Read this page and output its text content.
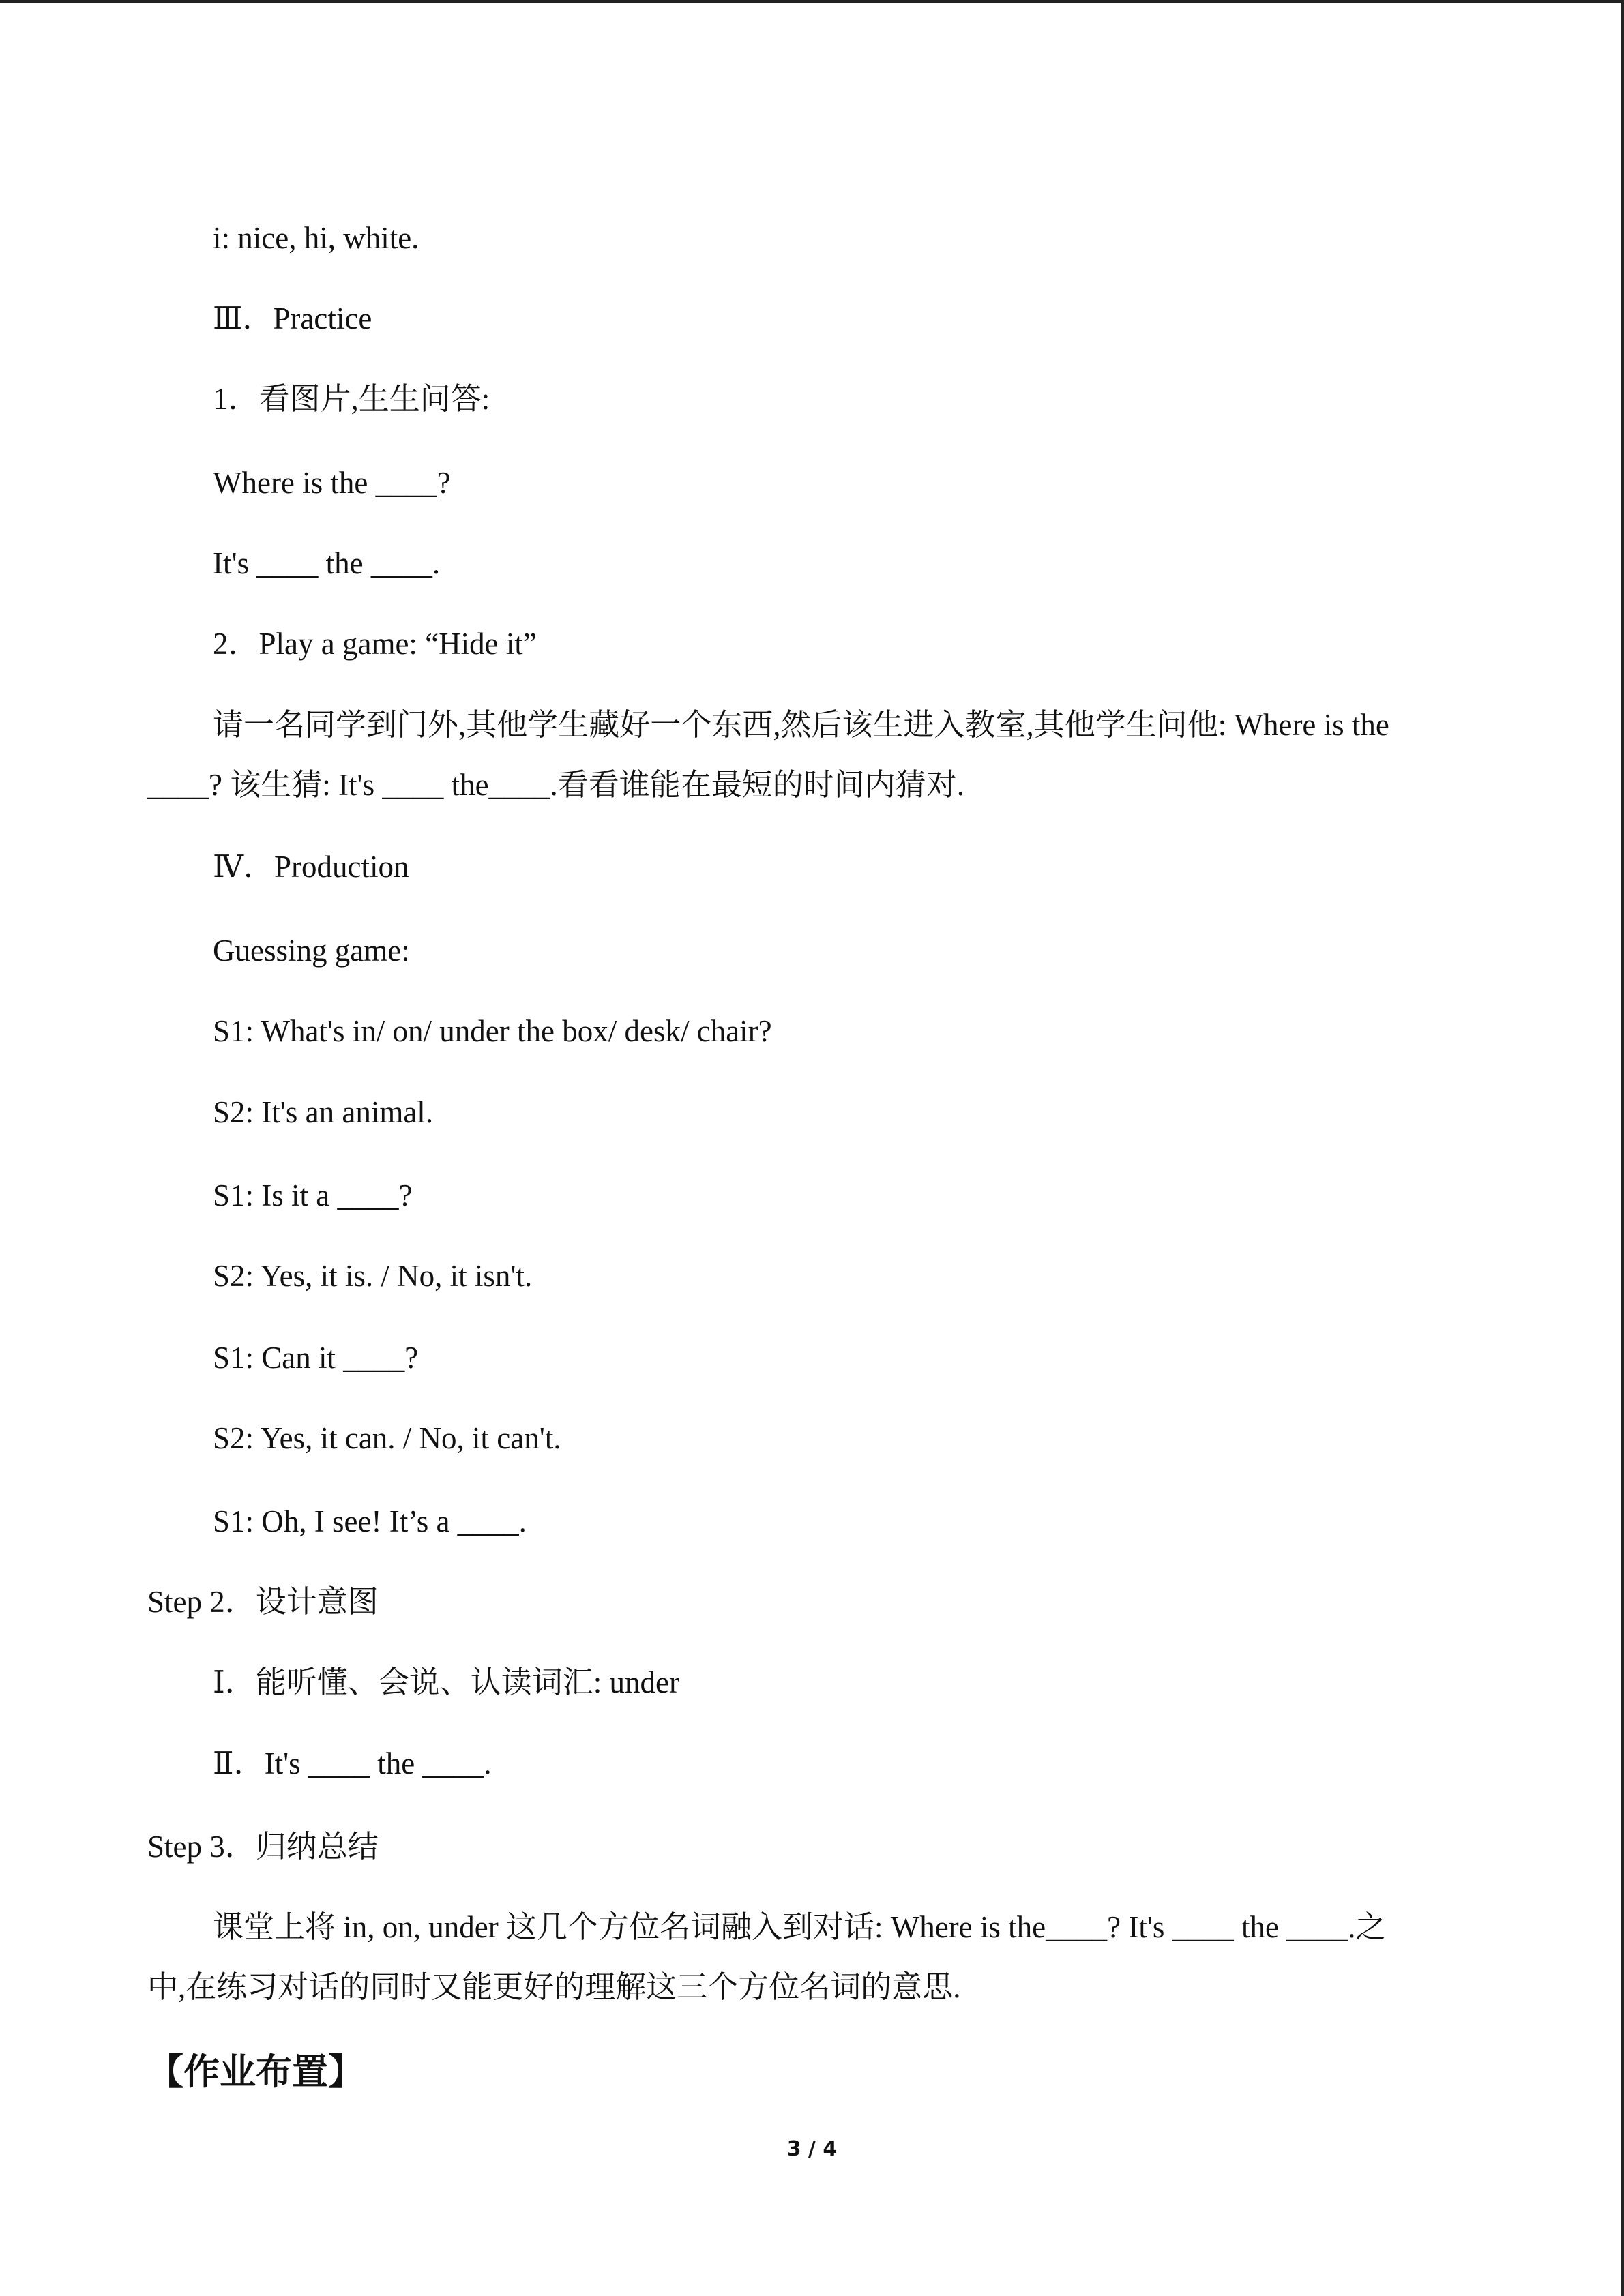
i: nice, hi, white.
Ⅲ．Practice
1．看图片,生生问答:
Where is the ____?
It's ____ the ____.
2．Play a game: “Hide it”
请一名同学到门外,其他学生藏好一个东西,然后该生进入教室,其他学生问他: Where is the
____? 该生猜: It's ____ the____.看看谁能在最短的时间内猜对.
Ⅳ．Production
Guessing game:
S1: What's in/ on/ under the box/ desk/ chair?
S2: It's an animal.
S1: Is it a ____?
S2: Yes, it is. / No, it isn't.
S1: Can it ____?
S2: Yes, it can. / No, it can't.
S1: Oh, I see! It’s a ____.
Step 2．设计意图
Ⅰ．能听懂、会说、认读词汇: under
Ⅱ．It's ____ the ____.
Step 3．归纳总结
课堂上将 in, on, under 这几个方位名词融入到对话: Where is the____? It's ____ the ____.之
中,在练习对话的同时又能更好的理解这三个方位名词的意思.
【作业布置】
3 / 4
